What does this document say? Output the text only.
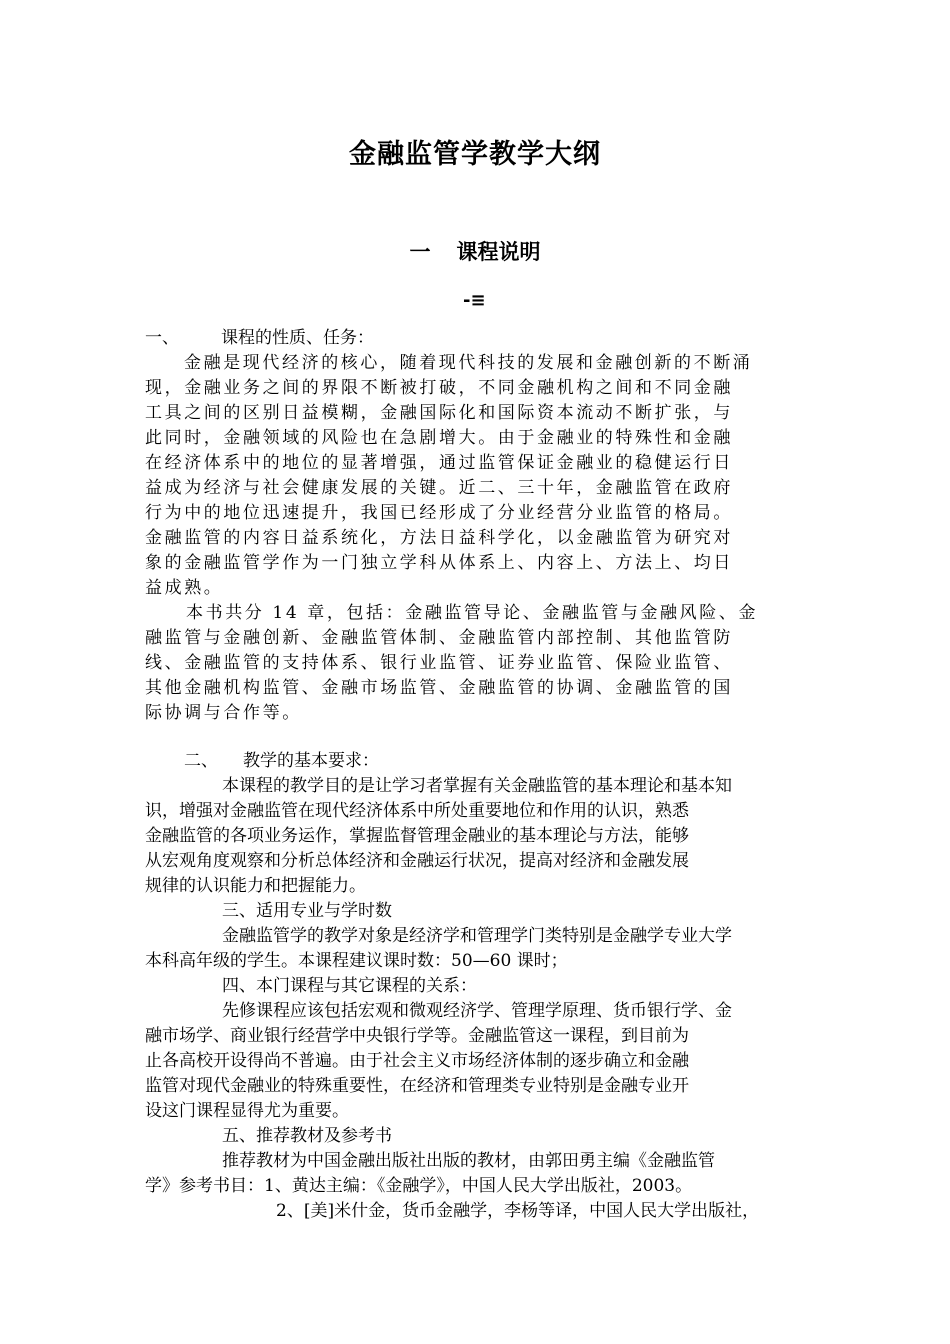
金融监管学教学大纲
一 课程说明
-≡
一、 课程的性质、任务：
金融是现代经济的核心，随着现代科技的发展和金融创新的不断涌
现，金融业务之间的界限不断被打破，不同金融机构之间和不同金融
工具之间的区别日益模糊，金融国际化和国际资本流动不断扩张，与
此同时，金融领域的风险也在急剧增大。由于金融业的特殊性和金融
在经济体系中的地位的显著增强，通过监管保证金融业的稳健运行日
益成为经济与社会健康发展的关键。近二、三十年，金融监管在政府
行为中的地位迅速提升，我国已经形成了分业经营分业监管的格局。
金融监管的内容日益系统化，方法日益科学化，以金融监管为研究对
象的金融监管学作为一门独立学科从体系上、内容上、方法上、均日
益成熟。
本书共分 14 章，包括：金融监管导论、金融监管与金融风险、金
融监管与金融创新、金融监管体制、金融监管内部控制、其他监管防
线、金融监管的支持体系、银行业监管、证券业监管、保险业监管、
其他金融机构监管、金融市场监管、金融监管的协调、金融监管的国
际协调与合作等。
二、 教学的基本要求：
本课程的教学目的是让学习者掌握有关金融监管的基本理论和基本知
识，增强对金融监管在现代经济体系中所处重要地位和作用的认识，熟悉
金融监管的各项业务运作，掌握监督管理金融业的基本理论与方法，能够
从宏观角度观察和分析总体经济和金融运行状况，提高对经济和金融发展
规律的认识能力和把握能力。
三、适用专业与学时数
金融监管学的教学对象是经济学和管理学门类特别是金融学专业大学
本科高年级的学生。本课程建议课时数：50—60 课时；
四、本门课程与其它课程的关系：
先修课程应该包括宏观和微观经济学、管理学原理、货币银行学、金
融市场学、商业银行经营学中央银行学等。金融监管这一课程，到目前为
止各高校开设得尚不普遍。由于社会主义市场经济体制的逐步确立和金融
监管对现代金融业的特殊重要性，在经济和管理类专业特别是金融专业开
设这门课程显得尤为重要。
五、推荐教材及参考书
推荐教材为中国金融出版社出版的教材，由郭田勇主编《金融监管
学》参考书目：1、黄达主编：《金融学》，中国人民大学出版社，2003。
2、[美]米什金，货币金融学，李杨等译，中国人民大学出版社，
